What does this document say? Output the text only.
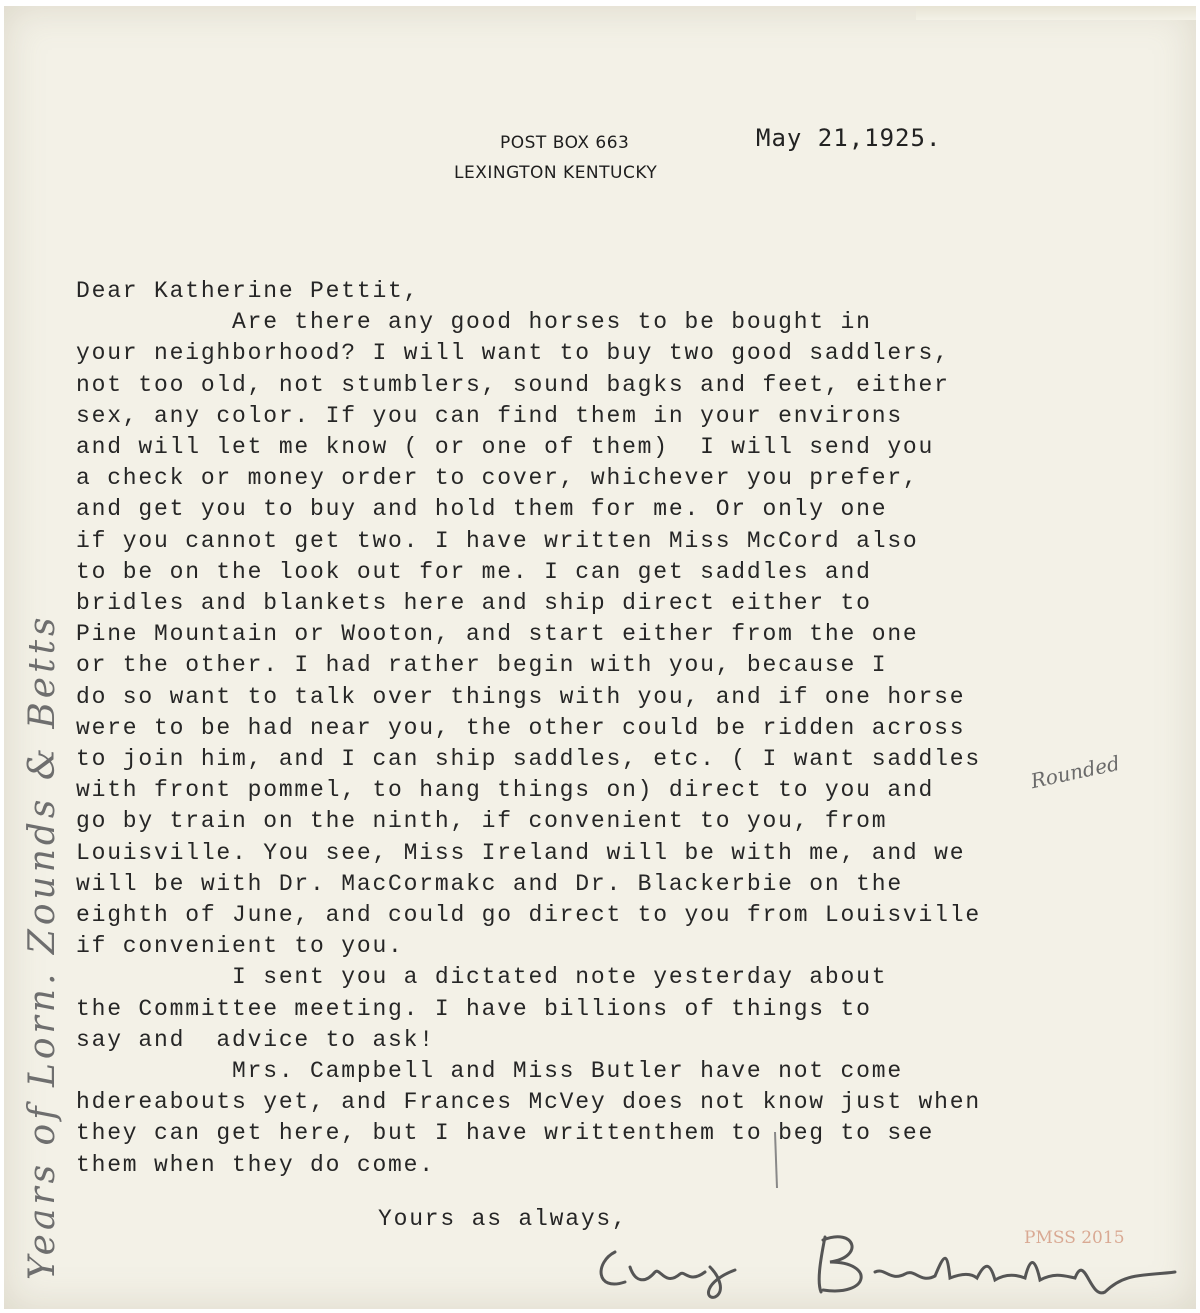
POST BOX 663
LEXINGTON KENTUCKY
May 21,1925.
Years of Lorn. Zounds & Betts
Dear Katherine Pettit,
Are there any good horses to be bought in
your neighborhood? I will want to buy two good saddlers,
not too old, not stumblers, sound bagks and feet, either
sex, any color. If you can find them in your environs
and will let me know ( or one of them)  I will send you
a check or money order to cover, whichever you prefer,
and get you to buy and hold them for me. Or only one
if you cannot get two. I have written Miss McCord also
to be on the look out for me. I can get saddles and
bridles and blankets here and ship direct either to
Pine Mountain or Wooton, and start either from the one
or the other. I had rather begin with you, because I
do so want to talk over things with you, and if one horse
were to be had near you, the other could be ridden across
to join him, and I can ship saddles, etc. ( I want saddles
with front pommel, to hang things on) direct to you and
go by train on the ninth, if convenient to you, from
Louisville. You see, Miss Ireland will be with me, and we
will be with Dr. MacCormakc and Dr. Blackerbie on the
eighth of June, and could go direct to you from Louisville
if convenient to you.
I sent you a dictated note yesterday about
the Committee meeting. I have billions of things to
say and  advice to ask!
Mrs. Campbell and Miss Butler have not come
hdereabouts yet, and Frances McVey does not know just when
they can get here, but I have writtenthem to beg to see
them when they do come.
Rounded
Yours as always,
PMSS 2015
